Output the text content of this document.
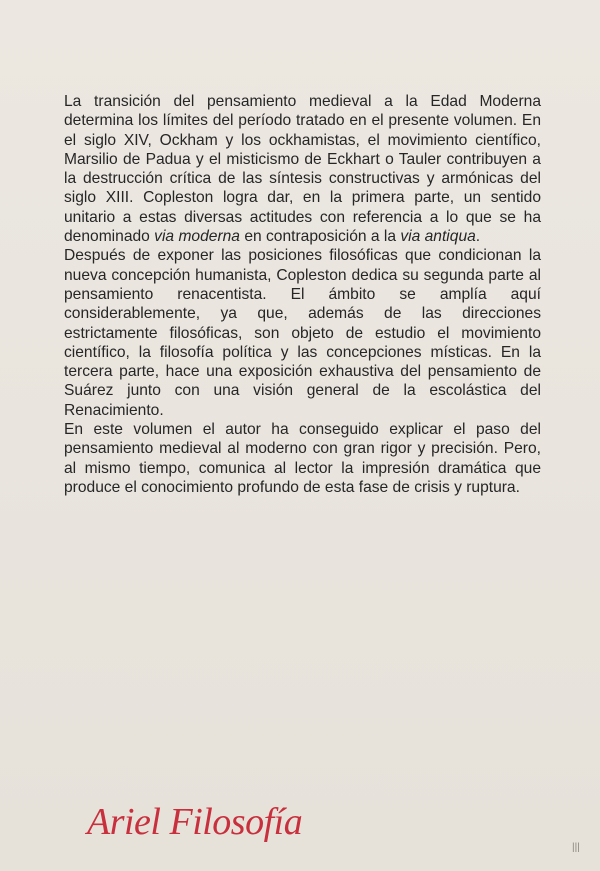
La transición del pensamiento medieval a la Edad Moderna determina los límites del período tratado en el presente volumen. En el siglo XIV, Ockham y los ockhamistas, el movimiento científico, Marsilio de Padua y el misticismo de Eckhart o Tauler contribuyen a la destrucción crítica de las síntesis constructivas y armónicas del siglo XIII. Copleston logra dar, en la primera parte, un sentido unitario a estas diversas actitudes con referencia a lo que se ha denominado via moderna en contraposición a la via antiqua.

Después de exponer las posiciones filosóficas que condicionan la nueva concepción humanista, Copleston dedica su segunda parte al pensamiento renacentista. El ámbito se amplía aquí considerablemente, ya que, además de las direcciones estrictamente filosóficas, son objeto de estudio el movimiento científico, la filosofía política y las concepciones místicas. En la tercera parte, hace una exposición exhaustiva del pensamiento de Suárez junto con una visión general de la escolástica del Renacimiento.

En este volumen el autor ha conseguido explicar el paso del pensamiento medieval al moderno con gran rigor y precisión. Pero, al mismo tiempo, comunica al lector la impresión dramática que produce el conocimiento profundo de esta fase de crisis y ruptura.

Ariel Filosofía
|||
